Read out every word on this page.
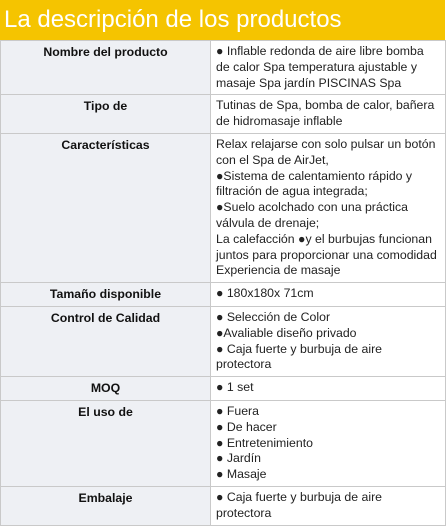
La descripción de los productos
Nombre del producto	● Inflable redonda de aire libre bomba de calor Spa temperatura ajustable y masaje Spa jardín PISCINAS Spa

Tipo de	Tutinas de Spa, bomba de calor, bañera de hidromasaje inflable

Características	Relax relajarse con solo pulsar un botón con el Spa de AirJet,
●Sistema de calentamiento rápido y filtración de agua integrada;
●Suelo acolchado con una práctica válvula de drenaje;
La calefacción ●y el burbujas funcionan juntos para proporcionar una comodidad Experiencia de masaje

Tamaño disponible	● 180x180x 71cm

Control de Calidad	● Selección de Color
●Avaliable diseño privado
● Caja fuerte y burbuja de aire protectora

MOQ	● 1 set

El uso de	● Fuera
● De hacer
● Entretenimiento
● Jardín
● Masaje

Embalaje	● Caja fuerte y burbuja de aire protectora
